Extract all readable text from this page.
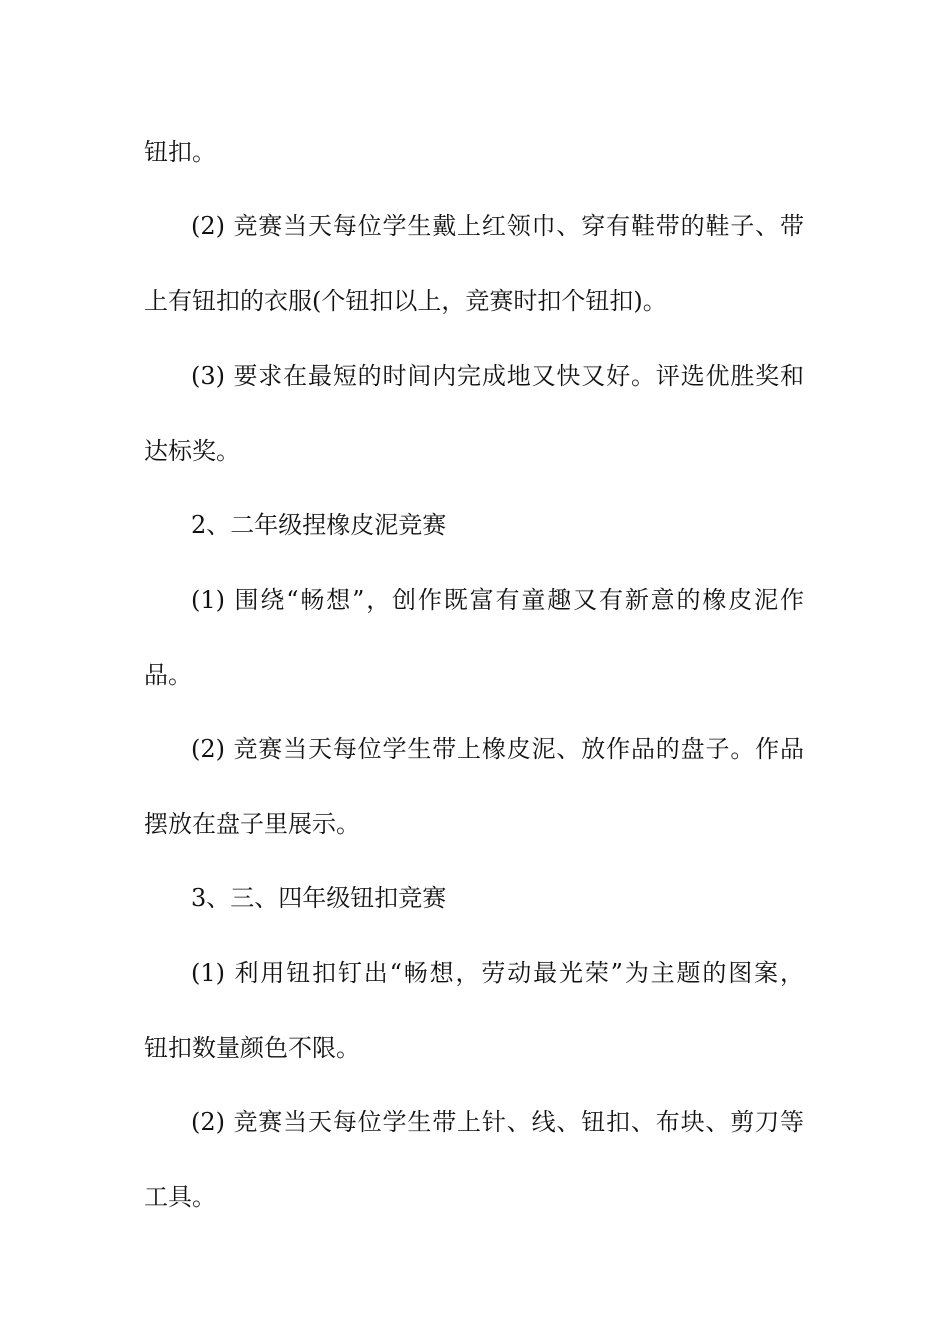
钮扣。
(2) 竞赛当天每位学生戴上红领巾、穿有鞋带的鞋子、带
上有钮扣的衣服(个钮扣以上，竞赛时扣个钮扣)。
(3) 要求在最短的时间内完成地又快又好。评选优胜奖和
达标奖。
2、二年级捏橡皮泥竞赛
(1) 围绕“畅想”，创作既富有童趣又有新意的橡皮泥作
品。
(2) 竞赛当天每位学生带上橡皮泥、放作品的盘子。作品
摆放在盘子里展示。
3、三、四年级钮扣竞赛
(1) 利用钮扣钉出“畅想，劳动最光荣”为主题的图案，
钮扣数量颜色不限。
(2) 竞赛当天每位学生带上针、线、钮扣、布块、剪刀等
工具。
